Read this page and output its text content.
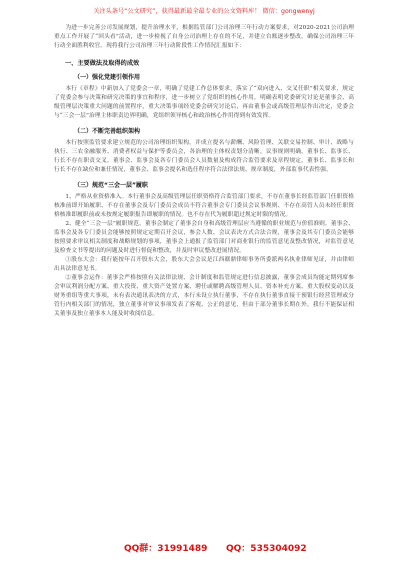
关注头条号“公文研究”，获得最新最全最专业的公文资料库！ 微信：gongwenyj

为进一步完善公司发展规划，提升治理水平，根据监管部门公司治理三年行动方案要求，对2020-2021公司治理重点工作开展了“回头看”活动，进一步检视了自身公司治理上存在的不足，并建立台账逐步整改，确保公司治理三年行动全面胜利收官。现将我行公司治理三年行动阶段性工作情况汇报如下：

一、主要做法及取得的成效
（一）强化党建引领作用

本行《章程》中新加入了党委会一章，明确了党建工作总体要求，落实了“双向进入、交叉任职”相关要求，规定了党委会参与决策和研究决策的事宜和程序，进一步树立了党组织的核心作用，明确表明党委研究讨论是董事会、高级管理层决策重大问题的前置程序，重大决策事项经党委会研究讨论后，再由董事会或高级管理层作出决定，党委会与“三会一层”治理主体职责边界明确，党组织领导核心和政治核心作用得到有效发挥。

（二）不断完善组织架构

本行按照监管要求建立规范的公司治理组织架构，并成立提名与薪酬、风险管理、关联交易控制、审计、战略与执行、三农金融服务、消费者权益与保护等委员会，各治理的主体权责划分清晰，议事规则明确，董事长、监事长、行长不存在职责交叉。董事会、监事会及各专门委员会人员数量及构成符合监管要求及章程规定，董事长、监事长和行长不存在缺位和兼任情况，董事会、监事会提名和选任程序符合法律法规、规章制度，外部监事代表性强。

（三）规范“三会一层”履职

1、严格从业资格准入。本行董事会及高级管理层任职资格符合监管部门要求，不存在董事长经监管部门任职资格核准前即开始履职、不存在董事会及专门委员会成员不符合董事会专门委员会议事规则、不存在高管人员未经任职资格核准即履职前或未按规定履职报告即履职的情况。也不存在代为履职超过规定时限的情况。

2、健全“三会一层”履职规范。董事会制定了董事会自身和高级管理层应当遵循的职业规范与价值准则，董事会、监事会及各专门委员会能够按照规定定期召开会议，参会人数、会议表决方式合法合规，董事会及其专门委员会能够按照要求审议相关制度和战略规划的事项，董事会上通报了监管部门对商业银行的监管意见及整改情况，对监管意见及检查文书等提出的问题及时进行督促和整改，并及时审议整改进展情况。

①股东大会：我行能按年召开股东大会，股东大会会议是江西赣鼎律师事务所委派两名执业律师见证，并由律师出具法律意见书。

②董事会运作：董事会严格按照有关法律法规、会计制度和监管规定进行信息披露，董事会成员均能定期列席参会审议利润分配方案、重大投资、重大资产处置方案、聘任或解聘高级管理人员、资本补充方案、重大股权变动以及财务重组等重大事项，未有表决通讯表决的方式，本行未设立执行董事，不存在执行董事直接干预银行经营管理或分管行内相关部门的情况，独立董事对审议事项发表了客观、公正的意见，但由于部分董事长期在外，我行不能保证相关董事及独立董事本人能及时收阅信息。

QQ群：31991489 QQ：535304092
